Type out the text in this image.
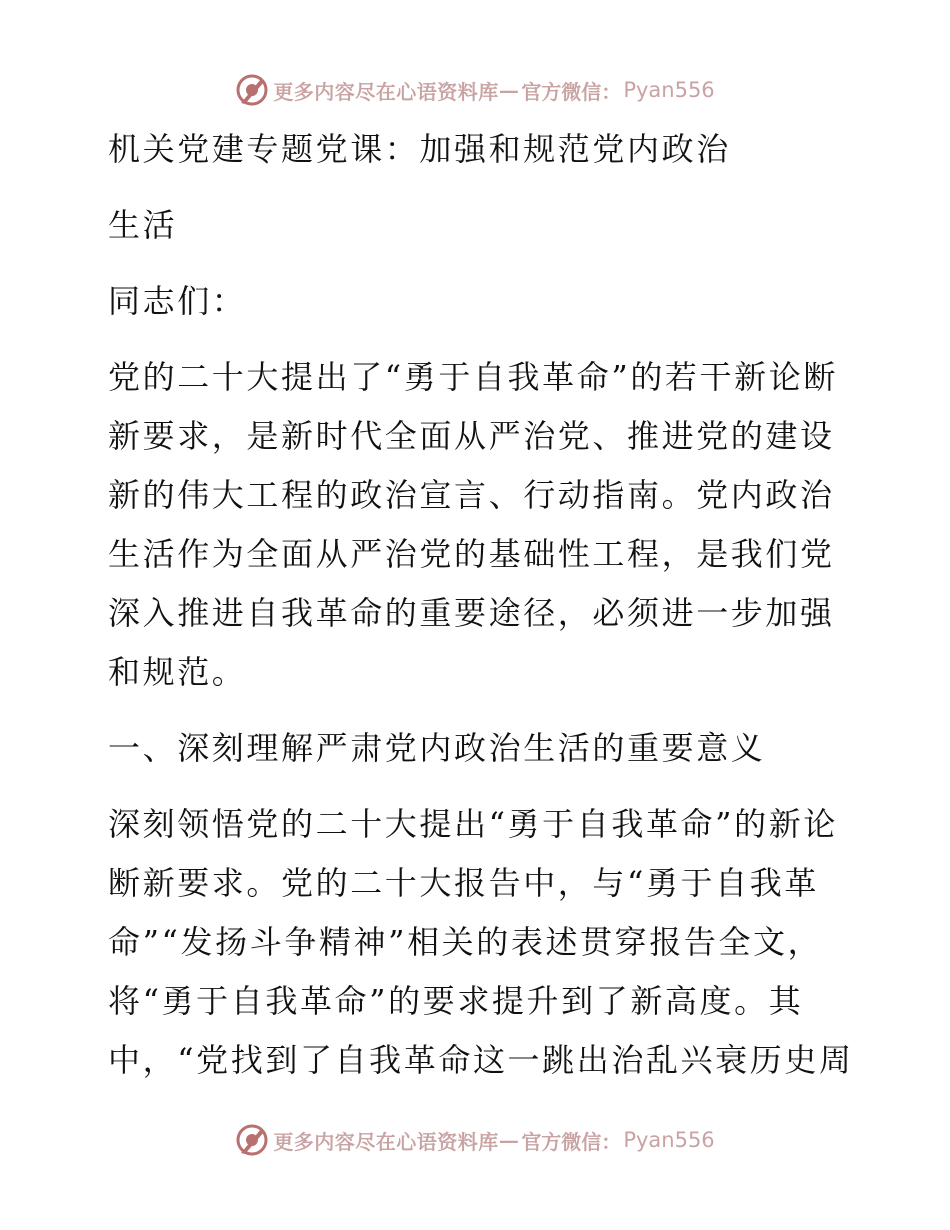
更多内容尽在心语资料库 — 官方微信： Pyan556

机关党建专题党课：加强和规范党内政治

生活

同志们：

党的二十大提出了“勇于自我革命”的若干新论断新要求，是新时代全面从严治党、推进党的建设新的伟大工程的政治宣言、行动指南。党内政治生活作为全面从严治党的基础性工程，是我们党深入推进自我革命的重要途径，必须进一步加强和规范。

一、深刻理解严肃党内政治生活的重要意义

深刻领悟党的二十大提出“勇于自我革命”的新论断新要求。党的二十大报告中，与“勇于自我革命”“发扬斗争精神”相关的表述贯穿报告全文，将“勇于自我革命”的要求提升到了新高度。其中，“党找到了自我革命这一跳出治乱兴衰历史周

更多内容尽在心语资料库 — 官方微信： Pyan556
